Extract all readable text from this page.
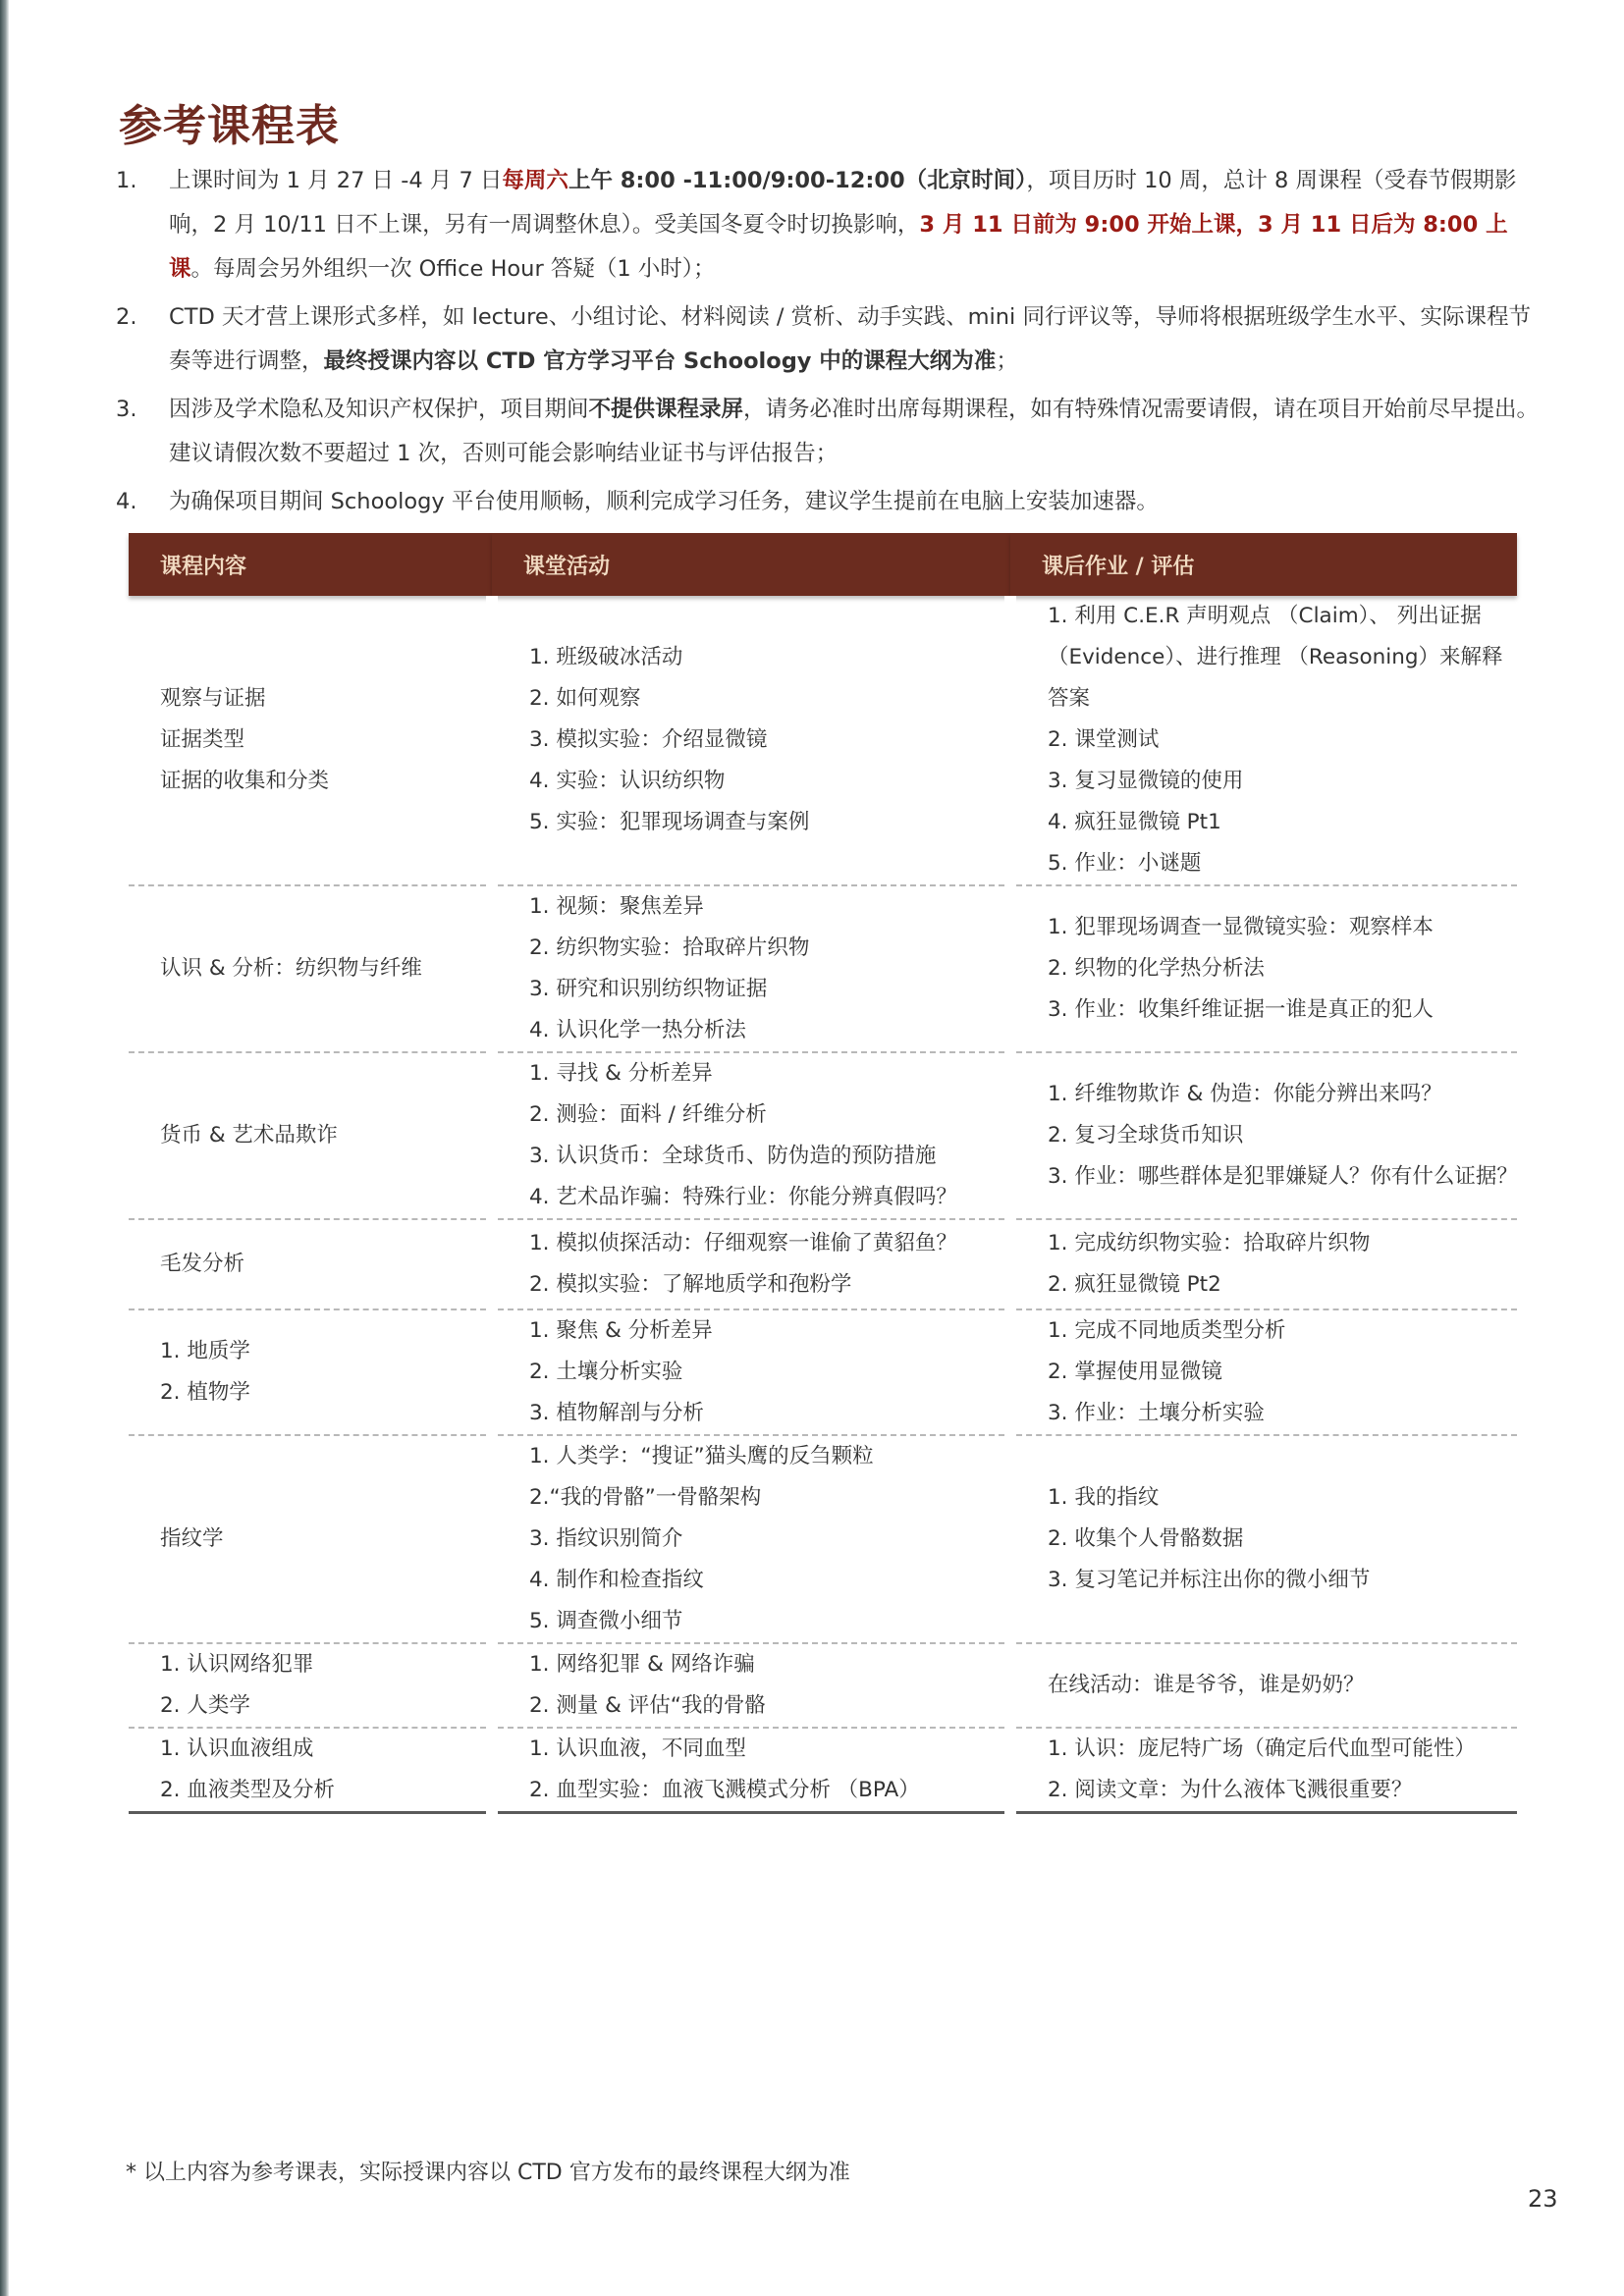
参考课程表
1. 上课时间为 1 月 27 日 -4 月 7 日每周六上午 8:00 -11:00/9:00-12:00（北京时间），项目历时 10 周，总计 8 周课程（受春节假期影响，2 月 10/11 日不上课，另有一周调整休息）。受美国冬夏令时切换影响，3 月 11 日前为 9:00 开始上课，3 月 11 日后为 8:00 上课。每周会另外组织一次 Office Hour 答疑（1 小时）；
2. CTD 天才营上课形式多样，如 lecture、小组讨论、材料阅读 / 赏析、动手实践、mini 同行评议等，导师将根据班级学生水平、实际课程节奏等进行调整，最终授课内容以 CTD 官方学习平台 Schoology 中的课程大纲为准；
3. 因涉及学术隐私及知识产权保护，项目期间不提供课程录屏，请务必准时出席每期课程，如有特殊情况需要请假，请在项目开始前尽早提出。建议请假次数不要超过 1 次，否则可能会影响结业证书与评估报告；
4. 为确保项目期间 Schoology 平台使用顺畅，顺利完成学习任务，建议学生提前在电脑上安装加速器。
课程内容	课堂活动	课后作业 / 评估

观察与证据
证据类型
证据的收集和分类	1. 班级破冰活动
2. 如何观察
3. 模拟实验：介绍显微镜
4. 实验：认识纺织物
5. 实验：犯罪现场调查与案例	1. 利用 C.E.R 声明观点 （Claim）、 列出证据（Evidence）、进行推理 （Reasoning）来解释答案
2. 课堂测试
3. 复习显微镜的使用
4. 疯狂显微镜 Pt1
5. 作业：小谜题

认识 & 分析：纺织物与纤维	1. 视频：聚焦差异
2. 纺织物实验：拾取碎片织物
3. 研究和识别纺织物证据
4. 认识化学一热分析法	1. 犯罪现场调查一显微镜实验：观察样本
2. 织物的化学热分析法
3. 作业：收集纤维证据一谁是真正的犯人

货币 & 艺术品欺诈	1. 寻找 & 分析差异
2. 测验：面料 / 纤维分析
3. 认识货币：全球货币、防伪造的预防措施
4. 艺术品诈骗：特殊行业：你能分辨真假吗？	1. 纤维物欺诈 & 伪造：你能分辨出来吗？
2. 复习全球货币知识
3. 作业：哪些群体是犯罪嫌疑人？你有什么证据？

毛发分析	1. 模拟侦探活动：仔细观察一谁偷了黄貂鱼？
2. 模拟实验：了解地质学和孢粉学	1. 完成纺织物实验：拾取碎片织物
2. 疯狂显微镜 Pt2

1. 地质学
2. 植物学	1. 聚焦 & 分析差异
2. 土壤分析实验
3. 植物解剖与分析	1. 完成不同地质类型分析
2. 掌握使用显微镜
3. 作业：土壤分析实验

指纹学	1. 人类学：“搜证”猫头鹰的反刍颗粒
2.“我的骨骼”一骨骼架构
3. 指纹识别简介
4. 制作和检查指纹
5. 调查微小细节	1. 我的指纹
2. 收集个人骨骼数据
3. 复习笔记并标注出你的微小细节

1. 认识网络犯罪
2. 人类学	1. 网络犯罪 & 网络诈骗
2. 测量 & 评估“我的骨骼	在线活动：谁是爷爷，谁是奶奶？

1. 认识血液组成
2. 血液类型及分析	1. 认识血液，不同血型
2. 血型实验：血液飞溅模式分析 （BPA）	1. 认识：庞尼特广场（确定后代血型可能性）
2. 阅读文章：为什么液体飞溅很重要？

* 以上内容为参考课表，实际授课内容以 CTD 官方发布的最终课程大纲为准

23
